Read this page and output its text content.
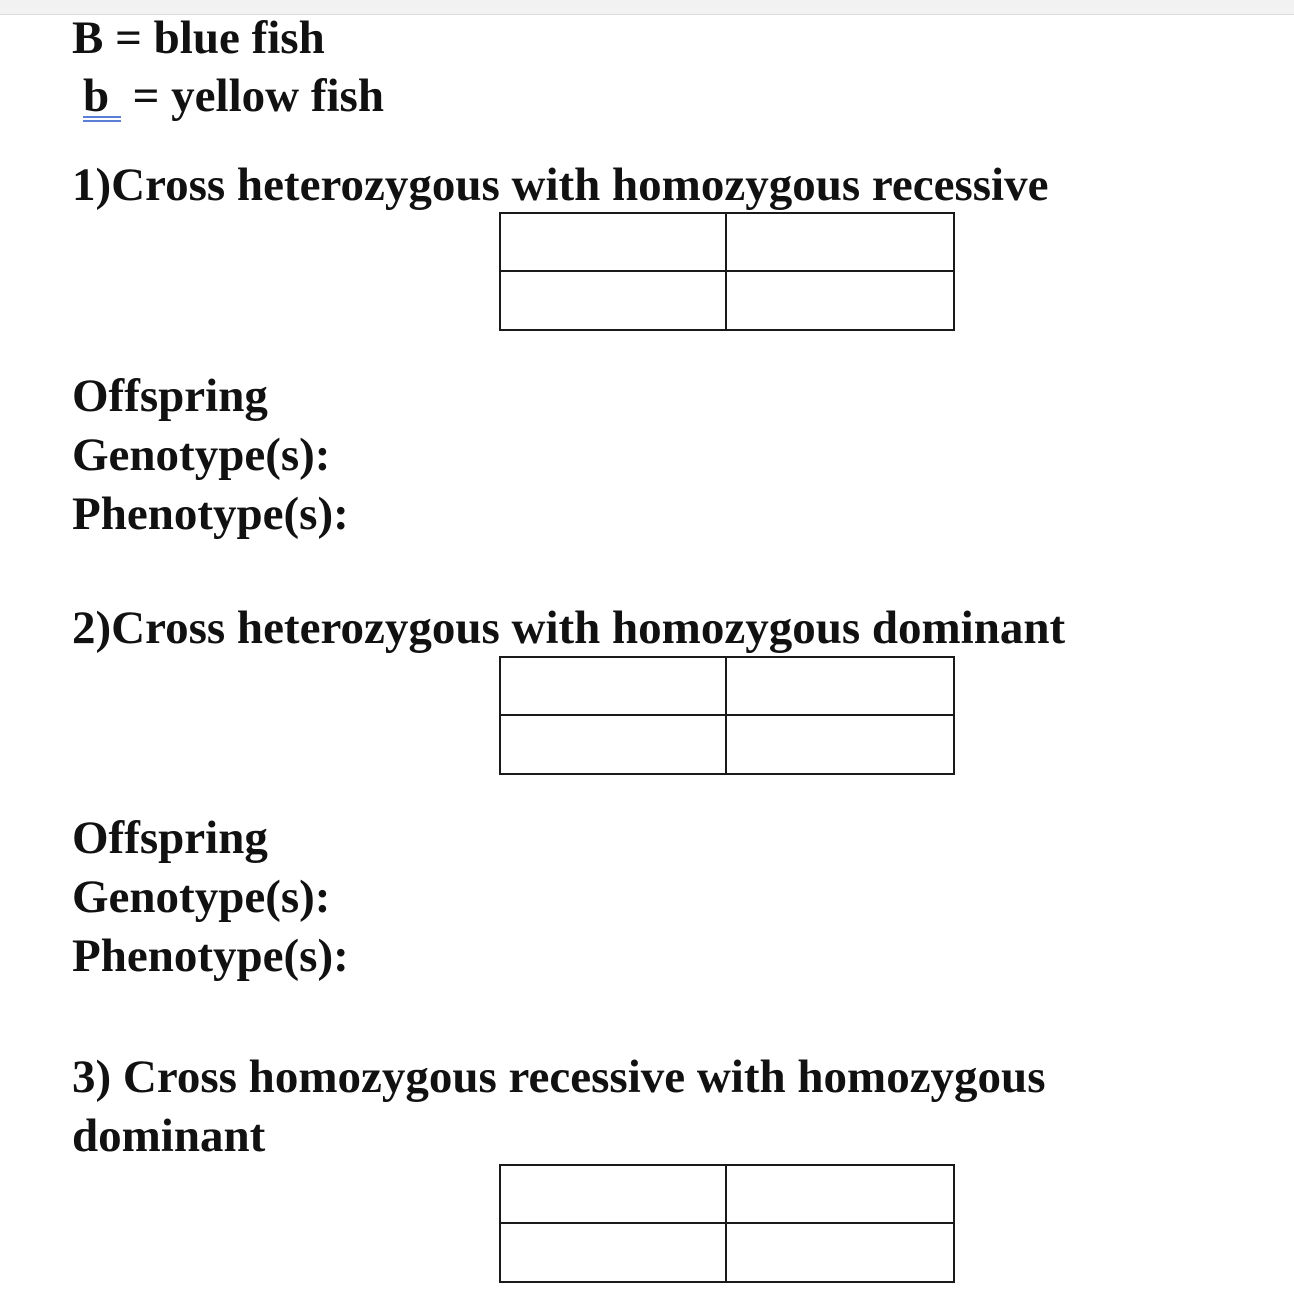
B = blue fish
b  = yellow fish
1)Cross heterozygous with homozygous recessive
Offspring
Genotype(s):
Phenotype(s):
2)Cross heterozygous with homozygous dominant
Offspring
Genotype(s):
Phenotype(s):
3) Cross homozygous recessive with homozygous
dominant
